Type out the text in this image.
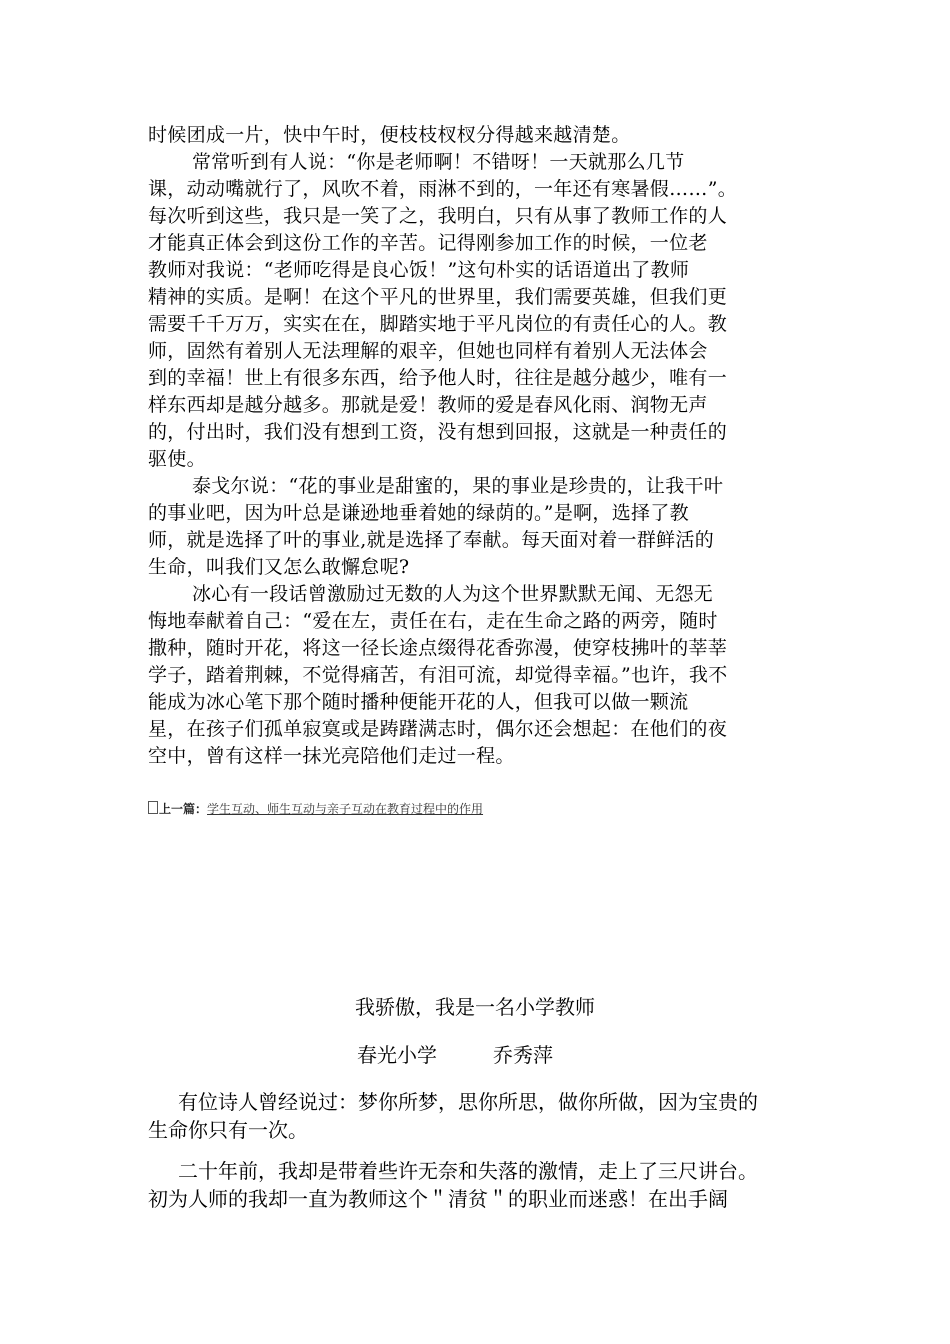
时候团成一片，快中午时，便枝枝杈杈分得越来越清楚。
常常听到有人说：“你是老师啊！不错呀！一天就那么几节
课，动动嘴就行了，风吹不着，雨淋不到的，一年还有寒暑假……”。
每次听到这些，我只是一笑了之，我明白，只有从事了教师工作的人
才能真正体会到这份工作的辛苦。记得刚参加工作的时候，一位老
教师对我说：“老师吃得是良心饭！”这句朴实的话语道出了教师
精神的实质。是啊！在这个平凡的世界里，我们需要英雄，但我们更
需要千千万万，实实在在，脚踏实地于平凡岗位的有责任心的人。教
师，固然有着别人无法理解的艰辛，但她也同样有着别人无法体会
到的幸福！世上有很多东西，给予他人时，往往是越分越少，唯有一
样东西却是越分越多。那就是爱！教师的爱是春风化雨、润物无声
的，付出时，我们没有想到工资，没有想到回报，这就是一种责任的
驱使。
泰戈尔说：“花的事业是甜蜜的，果的事业是珍贵的，让我干叶
的事业吧，因为叶总是谦逊地垂着她的绿荫的。”是啊，选择了教
师，就是选择了叶的事业,就是选择了奉献。每天面对着一群鲜活的
生命，叫我们又怎么敢懈怠呢?
冰心有一段话曾激励过无数的人为这个世界默默无闻、无怨无
悔地奉献着自己：“爱在左，责任在右，走在生命之路的两旁，随时
撒种，随时开花，将这一径长途点缀得花香弥漫，使穿枝拂叶的莘莘
学子，踏着荆棘，不觉得痛苦，有泪可流，却觉得幸福。”也许，我不
能成为冰心笔下那个随时播种便能开花的人，但我可以做一颗流
星，在孩子们孤单寂寞或是踌躇满志时，偶尔还会想起：在他们的夜
空中，曾有这样一抹光亮陪他们走过一程。
上一篇：学生互动、师生互动与亲子互动在教育过程中的作用
我骄傲，我是一名小学教师
春光小学	乔秀萍
有位诗人曾经说过：梦你所梦，思你所思，做你所做，因为宝贵的
生命你只有一次。
二十年前，我却是带着些许无奈和失落的激情，走上了三尺讲台。
初为人师的我却一直为教师这个＂清贫＂的职业而迷惑！在出手阔
